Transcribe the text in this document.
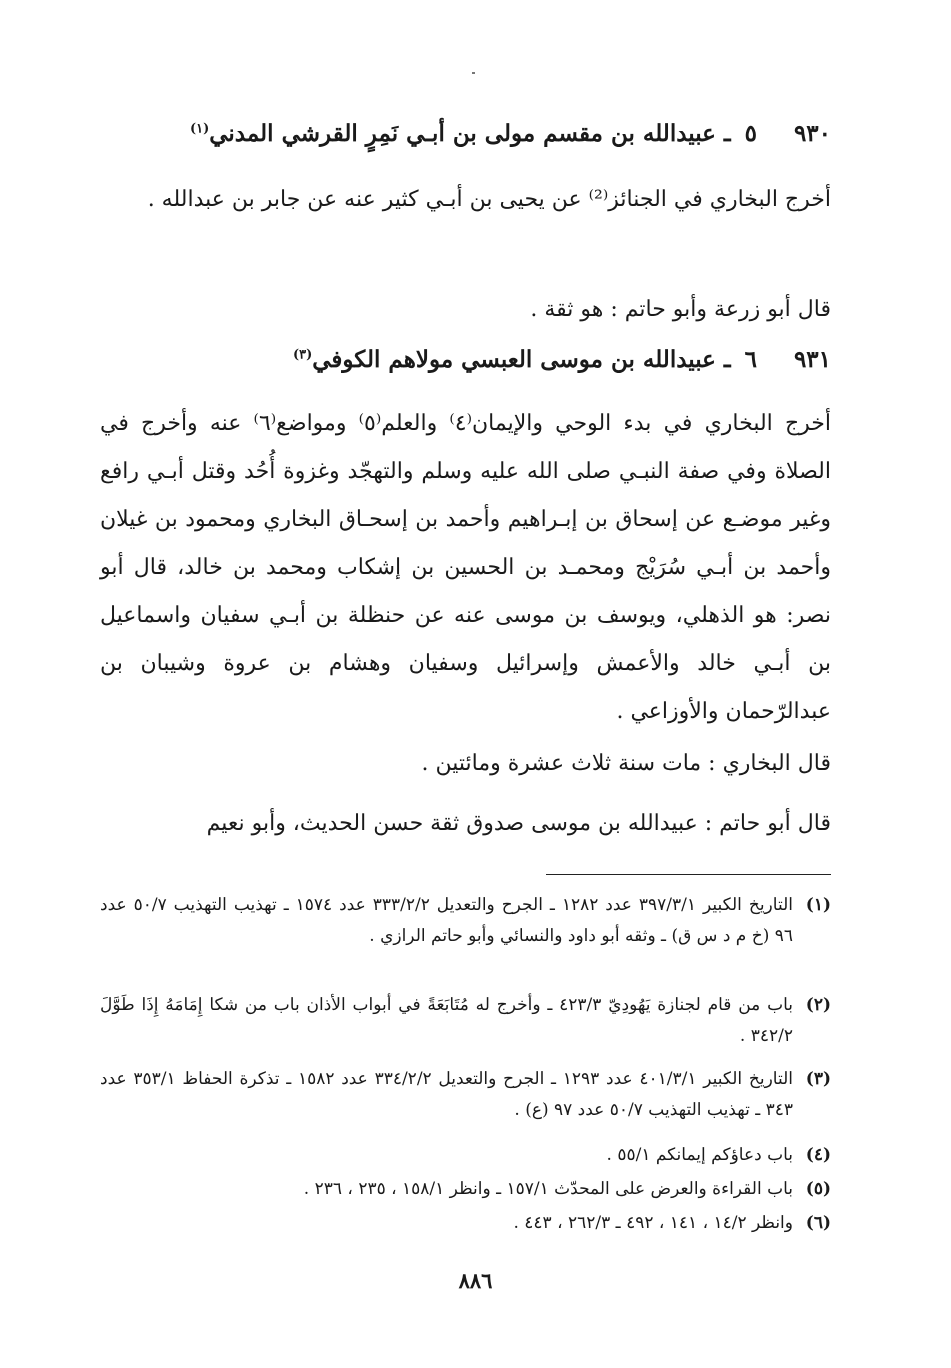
٩٣٠٥ـ عبيدالله بن مقسم مولى بن أبـي نَمِرٍ القرشي المدني$^{(١)}$
أخرج البخاري في الجنائز⁽²⁾ عن يحيى بن أبـي كثير عنه عن جابر بن عبدالله .
قال أبو زرعة وأبو حاتم : هو ثقة .
٩٣١٦ـ عبيدالله بن موسى العبسي مولاهم الكوفي$^{(٣)}$
أخرج البخاري في بدء الوحي والإيمان⁽٤⁾ والعلم⁽٥⁾ ومواضع⁽٦⁾ عنه وأخرج في الصلاة وفي صفة النبـي صلى الله عليه وسلم والتهجّد وغزوة أُحُد وقتل أبـي رافع وغير موضـع عن إسحاق بن إبـراهيم وأحمد بن إسحـاق البخاري ومحمود بن غيلان وأحمد بن أبـي سُرَيْج ومحمـد بن الحسين بن إشكاب ومحمد بن خالد، قال أبو نصر: هو الذهلي، ويوسف بن موسى عنه عن حنظلة بن أبـي سفيان واسماعيل بن أبـي خالد والأعمش وإسرائيل وسفيان وهشام بن عروة وشيبان بن عبدالرّحمان والأوزاعي .
قال البخاري : مات سنة ثلاث عشرة ومائتين .
قال أبو حاتم : عبيدالله بن موسى صدوق ثقة حسن الحديث، وأبو نعيم
(١)
التاريخ الكبير ٣٩٧/٣/١ عدد ١٢٨٢ ـ الجرح والتعديل ٣٣٣/٢/٢ عدد ١٥٧٤ ـ تهذيب التهذيب ٥٠/٧ عدد ٩٦ (خ م د س ق) ـ وثقه أبو داود والنسائي وأبو حاتم الرازي .
(٢)
باب من قام لجنازة يَهُودِيّ ٤٢٣/٣ ـ وأخرج له مُتَابَعَةً في أبواب الأذان باب من شكا إِمَامَهُ إِذَا طَوَّلَ ٣٤٢/٢ .
(٣)
التاريخ الكبير ٤٠١/٣/١ عدد ١٢٩٣ ـ الجرح والتعديل ٣٣٤/٢/٢ عدد ١٥٨٢ ـ تذكرة الحفاظ ٣٥٣/١ عدد ٣٤٣ ـ تهذيب التهذيب ٥٠/٧ عدد ٩٧ (ع) .
(٤)
باب دعاؤكم إيمانكم ٥٥/١ .
(٥)
باب القراءة والعرض على المحدّث ١٥٧/١ ـ وانظر ١٥٨/١ ، ٢٣٥ ، ٢٣٦ .
(٦)
وانظر ١٤/٢ ، ١٤١ ، ٤٩٢ ـ ٢٦٢/٣ ، ٤٤٣ .
٨٨٦
